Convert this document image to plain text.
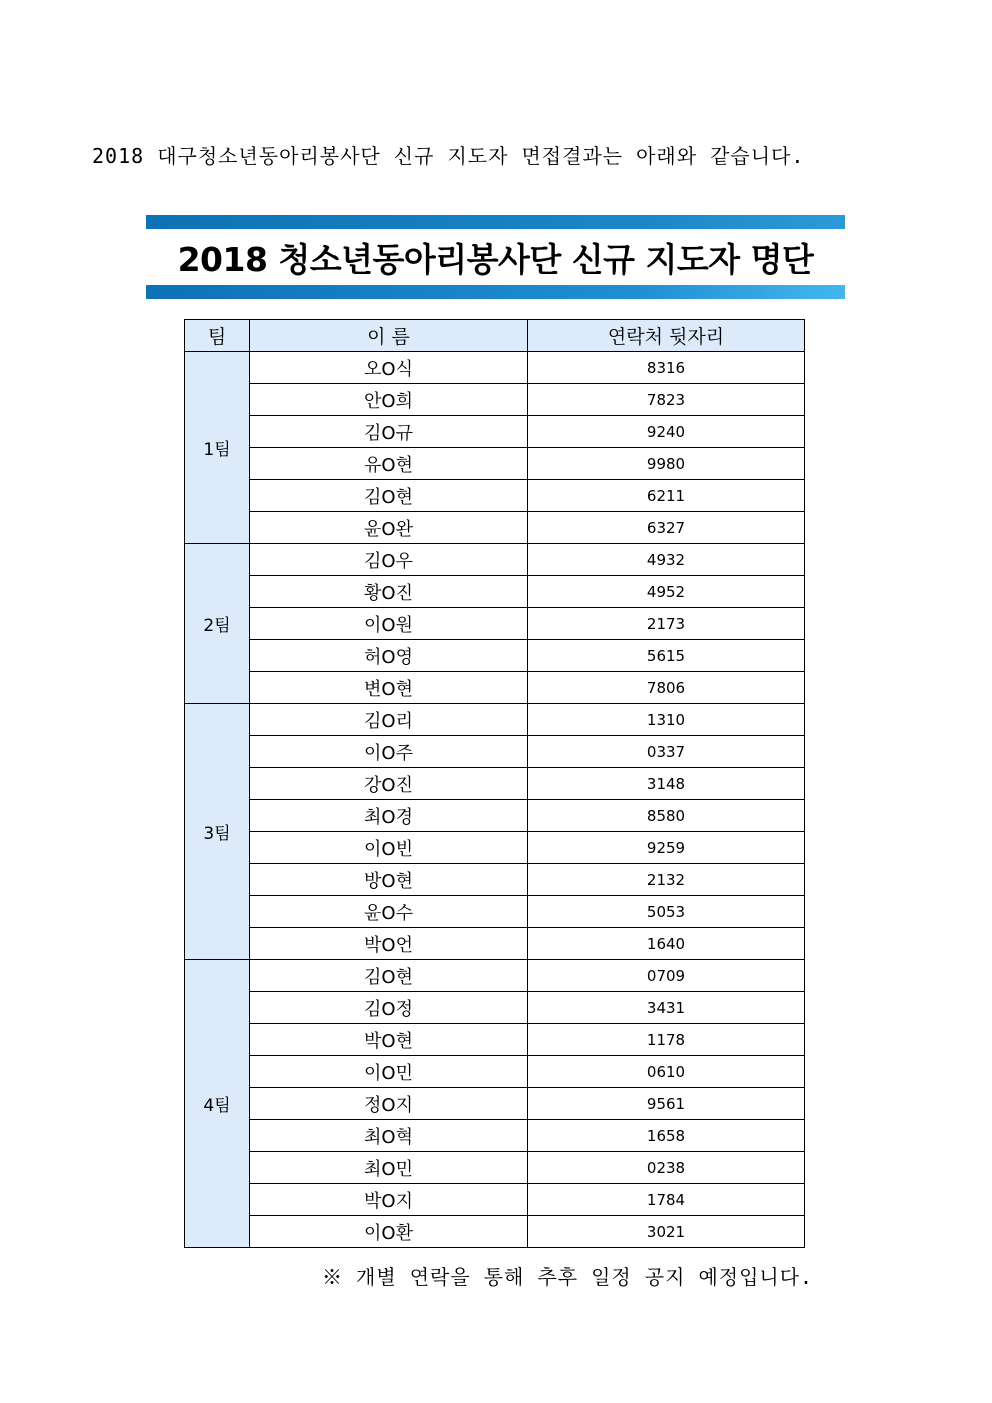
2018 대구청소년동아리봉사단 신규 지도자 면접결과는 아래와 같습니다.
2018 청소년동아리봉사단 신규 지도자 명단
팀	이 름	연락처 뒷자리
1팀	오O식	8316
	안O희	7823
	김O규	9240
	유O현	9980
	김O현	6211
	윤O완	6327
2팀	김O우	4932
	황O진	4952
	이O원	2173
	허O영	5615
	변O현	7806
3팀	김O리	1310
	이O주	0337
	강O진	3148
	최O경	8580
	이O빈	9259
	방O현	2132
	윤O수	5053
	박O언	1640
4팀	김O현	0709
	김O정	3431
	박O현	1178
	이O민	0610
	정O지	9561
	최O혁	1658
	최O민	0238
	박O지	1784
	이O환	3021
※ 개별 연락을 통해 추후 일정 공지 예정입니다.
